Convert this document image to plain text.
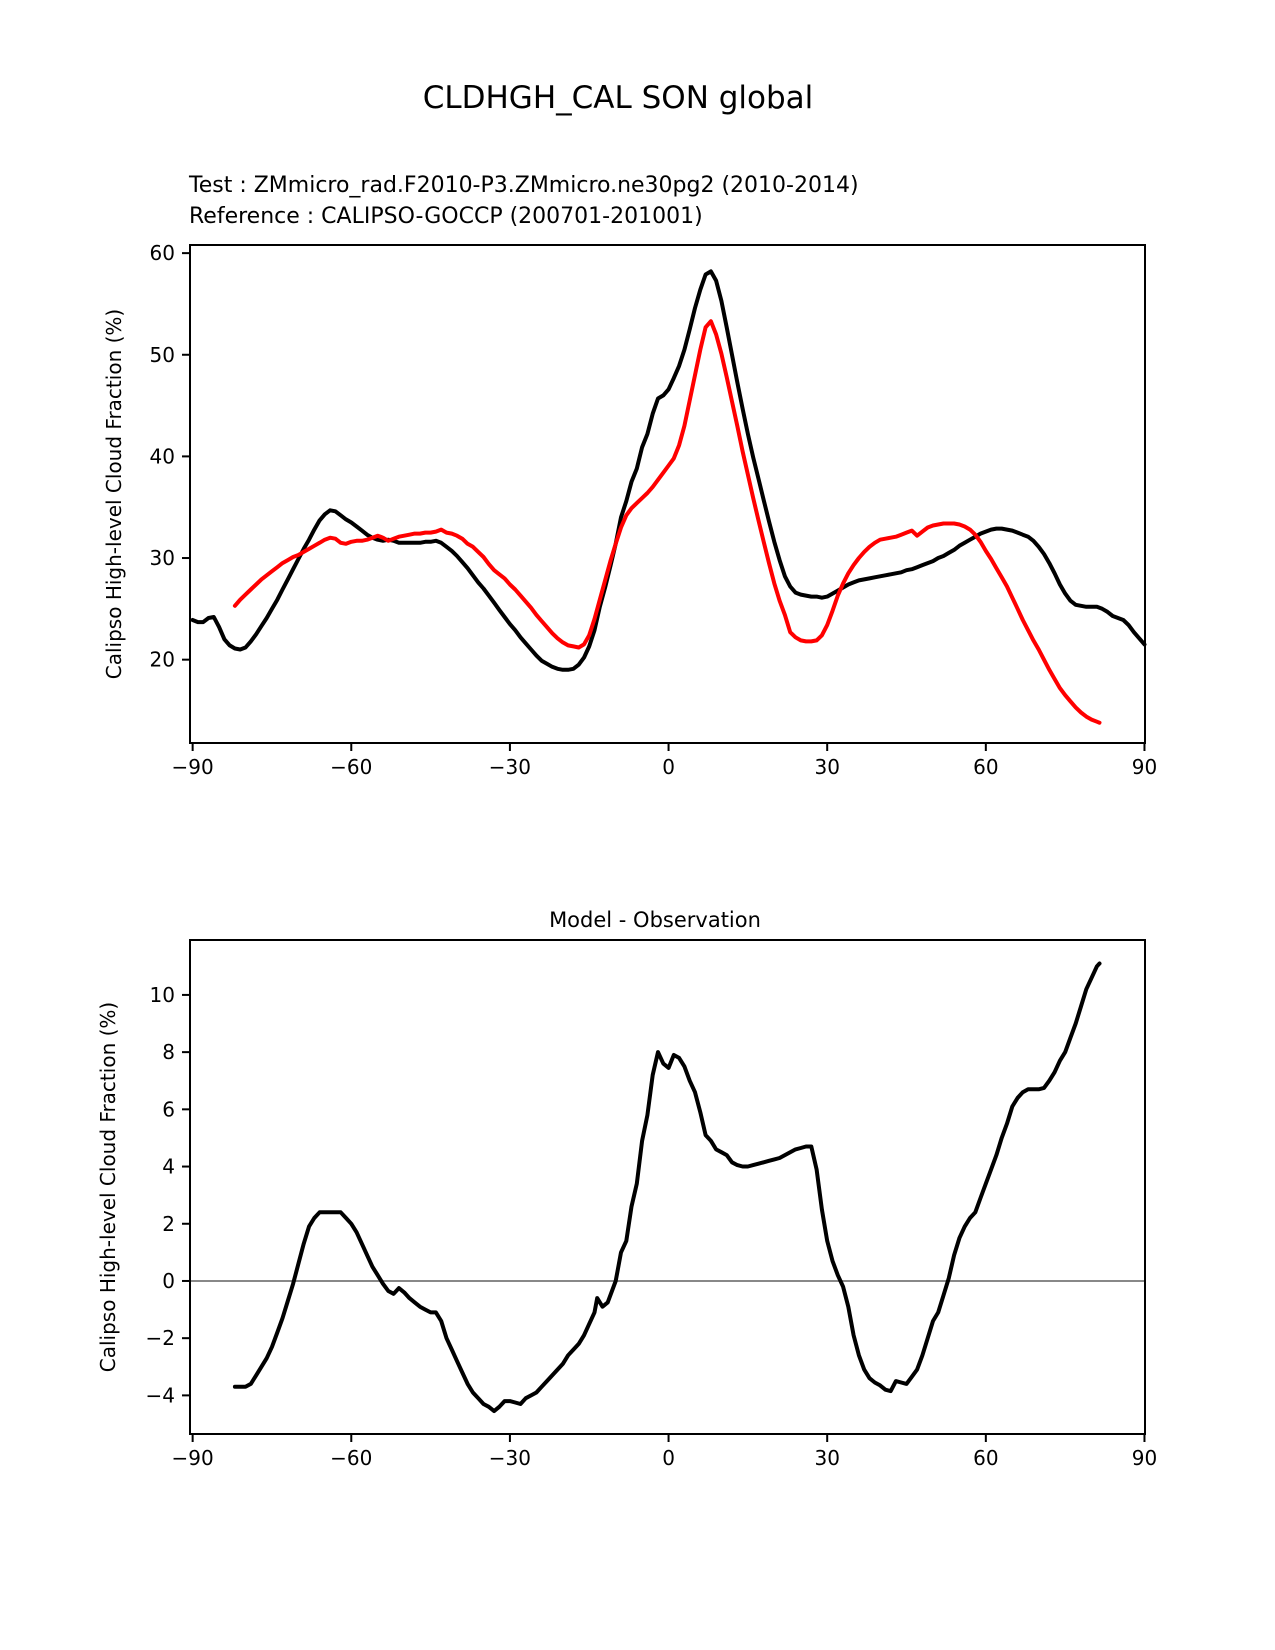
CLDHGH_CAL SON global
Test : ZMmicro_rad.F2010-P3.ZMmicro.ne30pg2 (2010-2014)
Reference : CALIPSO-GOCCP (200701-201001)
Calipso High-level Cloud Fraction (%)
Model - Observation
Calipso High-level Cloud Fraction (%)
−90	−60	−30	0	30	60	90
20
30
40
50
60
−90	−60	−30	0	30	60	90
−4
−2
0
2
4
6
8
10
